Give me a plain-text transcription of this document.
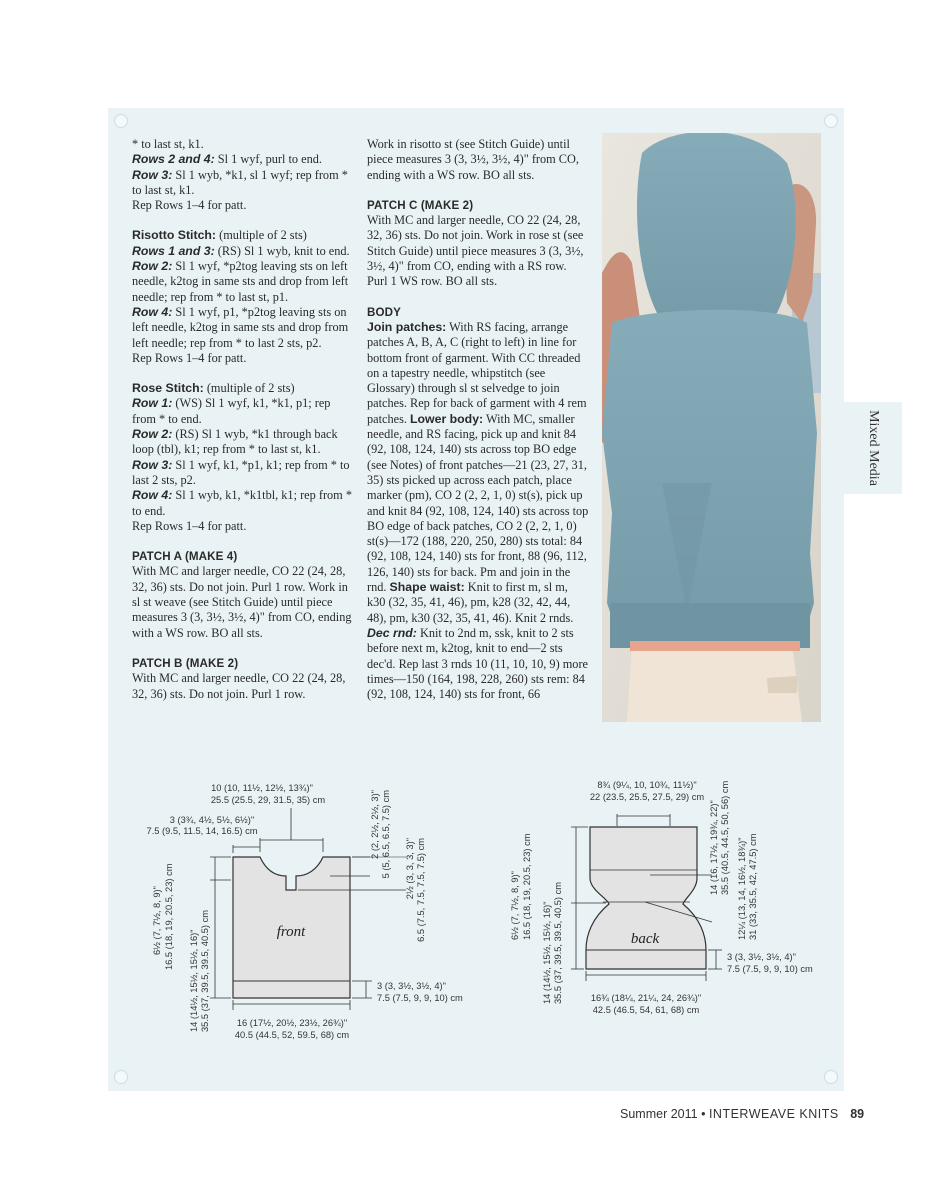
* to last st, k1.

Rows 2 and 4: Sl 1 wyf, purl to end.

Row 3: Sl 1 wyb, *k1, sl 1 wyf; rep from * to last st, k1.

Rep Rows 1–4 for patt.

Risotto Stitch: (multiple of 2 sts)

Rows 1 and 3: (RS) Sl 1 wyb, knit to end.

Row 2: Sl 1 wyf, *p2tog leaving sts on left needle, k2tog in same sts and drop from left needle; rep from * to last st, p1.

Row 4: Sl 1 wyf, p1, *p2tog leaving sts on left needle, k2tog in same sts and drop from left needle; rep from * to last 2 sts, p2.

Rep Rows 1–4 for patt.

Rose Stitch: (multiple of 2 sts)

Row 1: (WS) Sl 1 wyf, k1, *k1, p1; rep from * to end.

Row 2: (RS) Sl 1 wyb, *k1 through back loop (tbl), k1; rep from * to last st, k1.

Row 3: Sl 1 wyf, k1, *p1, k1; rep from * to last 2 sts, p2.

Row 4: Sl 1 wyb, k1, *k1tbl, k1; rep from * to end.

Rep Rows 1–4 for patt.

PATCH A (MAKE 4)

With MC and larger needle, CO 22 (24, 28, 32, 36) sts. Do not join. Purl 1 row. Work in sl st weave (see Stitch Guide) until piece measures 3 (3, 3½, 3½, 4)" from CO, ending with a WS row. BO all sts.

PATCH B (MAKE 2)

With MC and larger needle, CO 22 (24, 28, 32, 36) sts. Do not join. Purl 1 row.

Work in risotto st (see Stitch Guide) until piece measures 3 (3, 3½, 3½, 4)" from CO, ending with a WS row. BO all sts.

PATCH C (MAKE 2)

With MC and larger needle, CO 22 (24, 28, 32, 36) sts. Do not join. Work in rose st (see Stitch Guide) until piece measures 3 (3, 3½, 3½, 4)" from CO, ending with a RS row. Purl 1 WS row. BO all sts.

BODY

Join patches: With RS facing, arrange patches A, B, A, C (right to left) in line for bottom front of garment. With CC threaded on a tapestry needle, whipstitch (see Glossary) through sl st selvedge to join patches. Rep for back of garment with 4 rem patches. Lower body: With MC, smaller needle, and RS facing, pick up and knit 84 (92, 108, 124, 140) sts across top BO edge (see Notes) of front patches—21 (23, 27, 31, 35) sts picked up across each patch, place marker (pm), CO 2 (2, 2, 1, 0) st(s), pick up and knit 84 (92, 108, 124, 140) sts across top BO edge of back patches, CO 2 (2, 2, 1, 0) st(s)—172 (188, 220, 250, 280) sts total: 84 (92, 108, 124, 140) sts for front, 88 (96, 112, 126, 140) sts for back. Pm and join in the rnd. Shape waist: Knit to first m, sl m, k30 (32, 35, 41, 46), pm, k28 (32, 42, 44, 48), pm, k30 (32, 35, 41, 46). Knit 2 rnds. Dec rnd: Knit to 2nd m, ssk, knit to 2 sts before next m, k2tog, knit to end—2 sts dec'd. Rep last 3 rnds 10 (11, 10, 10, 9) more times—150 (164, 198, 228, 260) sts rem: 84 (92, 108, 124, 140) sts for front, 66

Mixed Media
front
10 (10, 11½, 12½, 13¾)"
25.5 (25.5, 29, 31.5, 35) cm
3 (3¾, 4½, 5½, 6½)"
7.5 (9.5, 11.5, 14, 16.5) cm	2 (2, 2½, 2½, 3)" 5 (5, 6.5, 6.5, 7.5) cm 2½ (3, 3, 3, 3)" 6.5 (7.5, 7.5, 7.5, 7.5) cm
6½ (7, 7½, 8, 9)" 16.5 (18, 19, 20.5, 23) cm
14 (14½, 15½, 15½, 16)" 35.5 (37, 39.5, 39.5, 40.5) cm	3 (3, 3½, 3½, 4)"
7.5 (7.5, 9, 9, 10) cm
16 (17½, 20½, 23½, 26¾)"
40.5 (44.5, 52, 59.5, 68) cm
back
8¾ (9¼, 10, 10¾, 11½)"
22 (23.5, 25.5, 27.5, 29) cm
14 (16, 17½, 19¾, 22)" 35.5 (40.5, 44.5, 50, 56) cm 12¼ (13, 14, 16½, 18¾)" 31 (33, 35.5, 42, 47.5) cm
6½ (7, 7½, 8, 9)" 16.5 (18, 19, 20.5, 23) cm
14 (14½, 15½, 15½, 16)" 35.5 (37, 39.5, 39.5, 40.5) cm	3 (3, 3½, 3½, 4)"
7.5 (7.5, 9, 9, 10) cm
16¾ (18¼, 21¼, 24, 26¾)"
42.5 (46.5, 54, 61, 68) cm
Summer 2011 • INTERWEAVE KNITS 89
